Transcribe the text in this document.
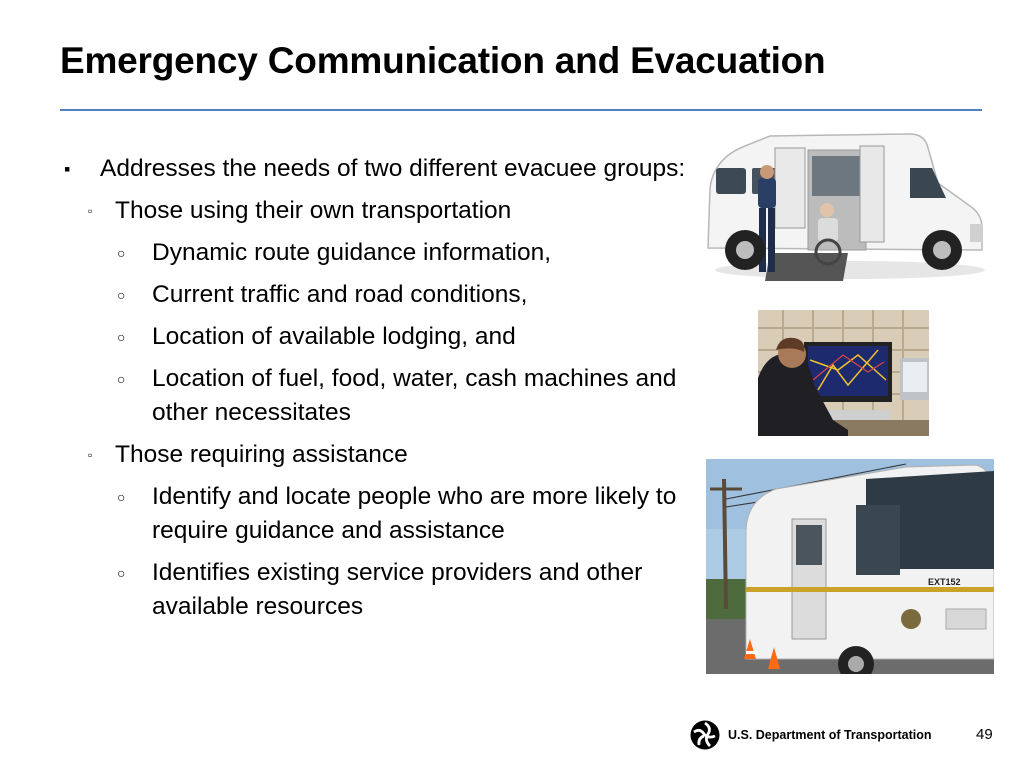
Emergency Communication and Evacuation
▪ Addresses the needs of two different evacuee groups:
▫ Those using their own transportation
○ Dynamic route guidance information,
○ Current traffic and road conditions,
○ Location of available lodging, and
○ Location of fuel, food, water, cash machines and other necessitates
▫ Those requiring assistance
○ Identify and locate people who are more likely to require guidance and assistance
○ Identifies existing service providers and other available resources
EXT152
U.S. Department of Transportation	49
